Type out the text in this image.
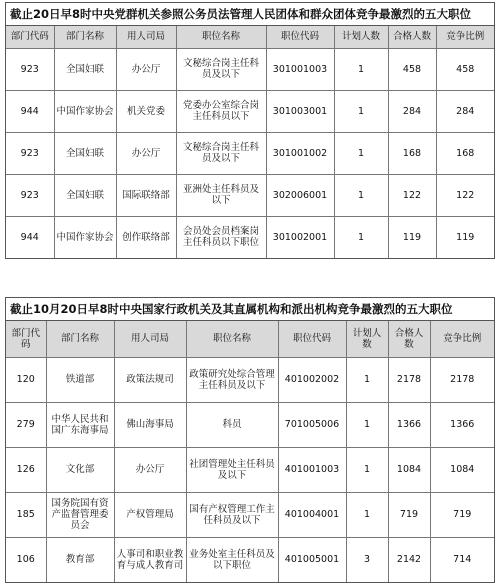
截止20日早8时中央党群机关参照公务员法管理人民团体和群众团体竞争最激烈的五大职位
部门代码	部门名称	用人司局	职位名称	职位代码	计划人数	合格人数	竞争比例
923	全国妇联	办公厅	文秘综合岗主任科员及以下	301001003	1	458	458
944	中国作家协会	机关党委	党委办公室综合岗主任科员以下	301003001	1	284	284
923	全国妇联	办公厅	文秘综合岗主任科员及以下	301001002	1	168	168
923	全国妇联	国际联络部	亚洲处主任科员及以下	302006001	1	122	122
944	中国作家协会	创作联络部	会员处会员档案岗主任科员以下职位	301002001	1	119	119
截止10月20日早8时中央国家行政机关及其直属机构和派出机构竞争最激烈的五大职位
部门代码	部门名称	用人司局	职位名称	职位代码	计划人数	合格人数	竞争比例
120	铁道部	政策法规司	政策研究处综合管理主任科员及以下	401002002	1	2178	2178
279	中华人民共和国广东海事局	佛山海事局	科员	701005006	1	1366	1366
126	文化部	办公厅	社团管理处主任科员及以下	401001003	1	1084	1084
185	国务院国有资产监督管理委员会	产权管理局	国有产权管理工作主任科员及以下	401004001	1	719	719
106	教育部	人事司和职业教育与成人教育司	业务处室主任科员及以下职位	401005001	3	2142	714
